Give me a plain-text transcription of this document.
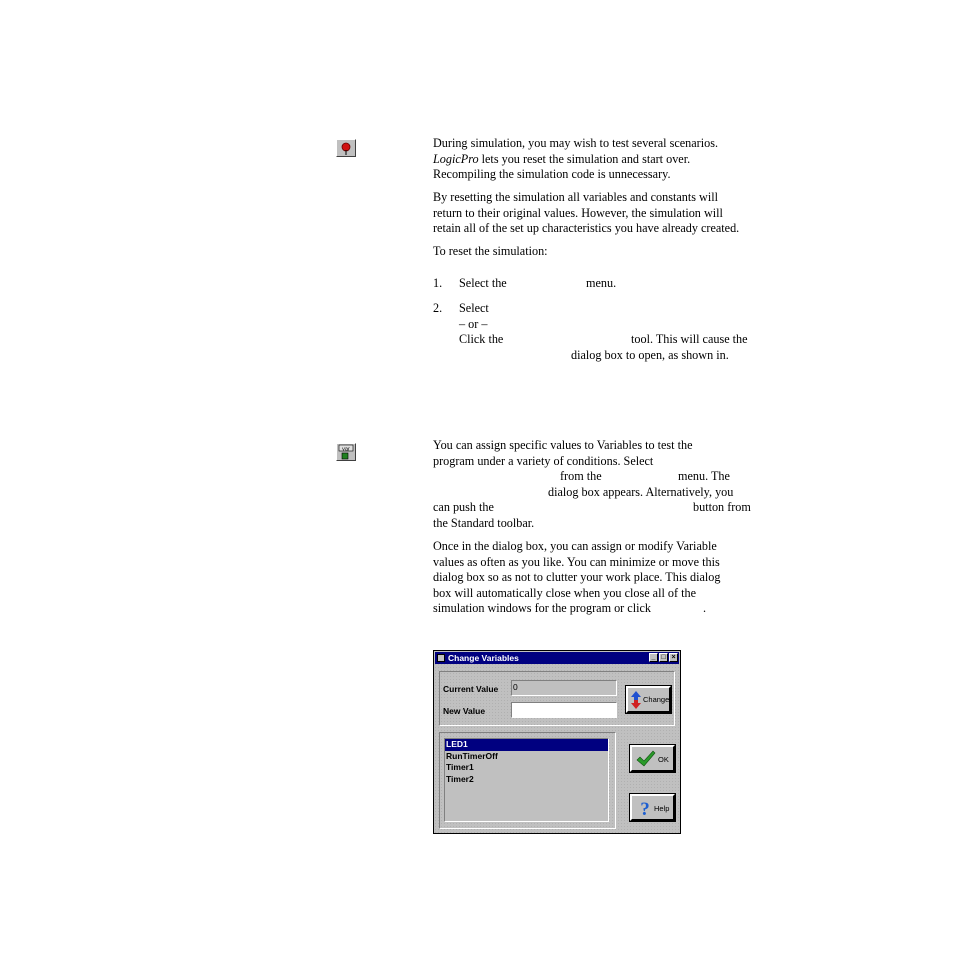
During simulation, you may wish to test several scenarios.
LogicPro lets you reset the simulation and start over.
Recompiling the simulation code is unnecessary.
By resetting the simulation all variables and constants will
return to their original values. However, the simulation will
retain all of the set up characteristics you have already created.
To reset the simulation:
1. Select the	menu.
2. Select
– or –
Click the	tool. This will cause the
dialog box to open, as shown in.
var	You can assign specific values to Variables to test the
program under a variety of conditions. Select
from the	menu. The
dialog box appears. Alternatively, you
can push the	button from
the Standard toolbar.
Once in the dialog box, you can assign or modify Variable
values as often as you like. You can minimize or move this
dialog box so as not to clutter your work place. This dialog
box will automatically close when you close all of the
simulation windows for the program or click	.
Change Variables	_ □ ×
Current Value 0
New Value
Change
LED1
RunTimerOff
Timer1
Timer2
OK
? Help
